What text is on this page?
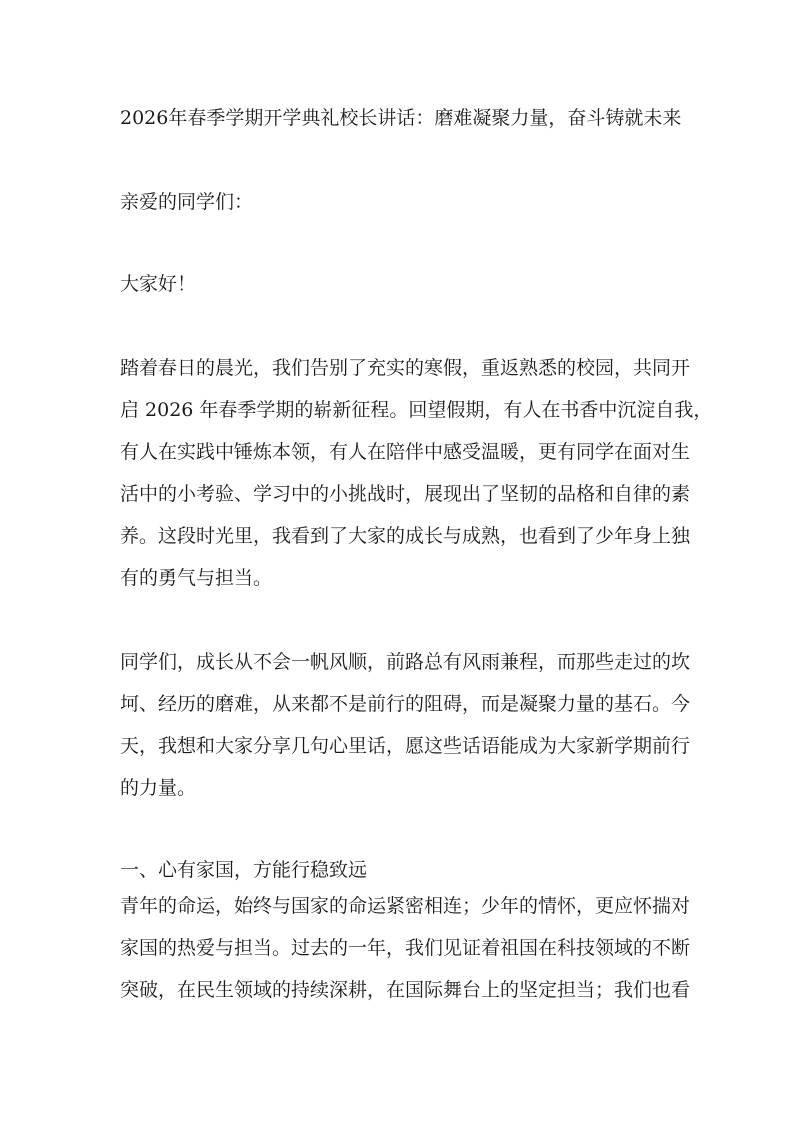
2026年春季学期开学典礼校长讲话：磨难凝聚力量，奋斗铸就未来
亲爱的同学们：
大家好！
踏着春日的晨光，我们告别了充实的寒假，重返熟悉的校园，共同开
启 2026 年春季学期的崭新征程。回望假期，有人在书香中沉淀自我，
有人在实践中锤炼本领，有人在陪伴中感受温暖，更有同学在面对生
活中的小考验、学习中的小挑战时，展现出了坚韧的品格和自律的素
养。这段时光里，我看到了大家的成长与成熟，也看到了少年身上独
有的勇气与担当。
同学们，成长从不会一帆风顺，前路总有风雨兼程，而那些走过的坎
坷、经历的磨难，从来都不是前行的阻碍，而是凝聚力量的基石。今
天，我想和大家分享几句心里话，愿这些话语能成为大家新学期前行
的力量。
一、心有家国，方能行稳致远
青年的命运，始终与国家的命运紧密相连；少年的情怀，更应怀揣对
家国的热爱与担当。过去的一年，我们见证着祖国在科技领域的不断
突破，在民生领域的持续深耕，在国际舞台上的坚定担当；我们也看
